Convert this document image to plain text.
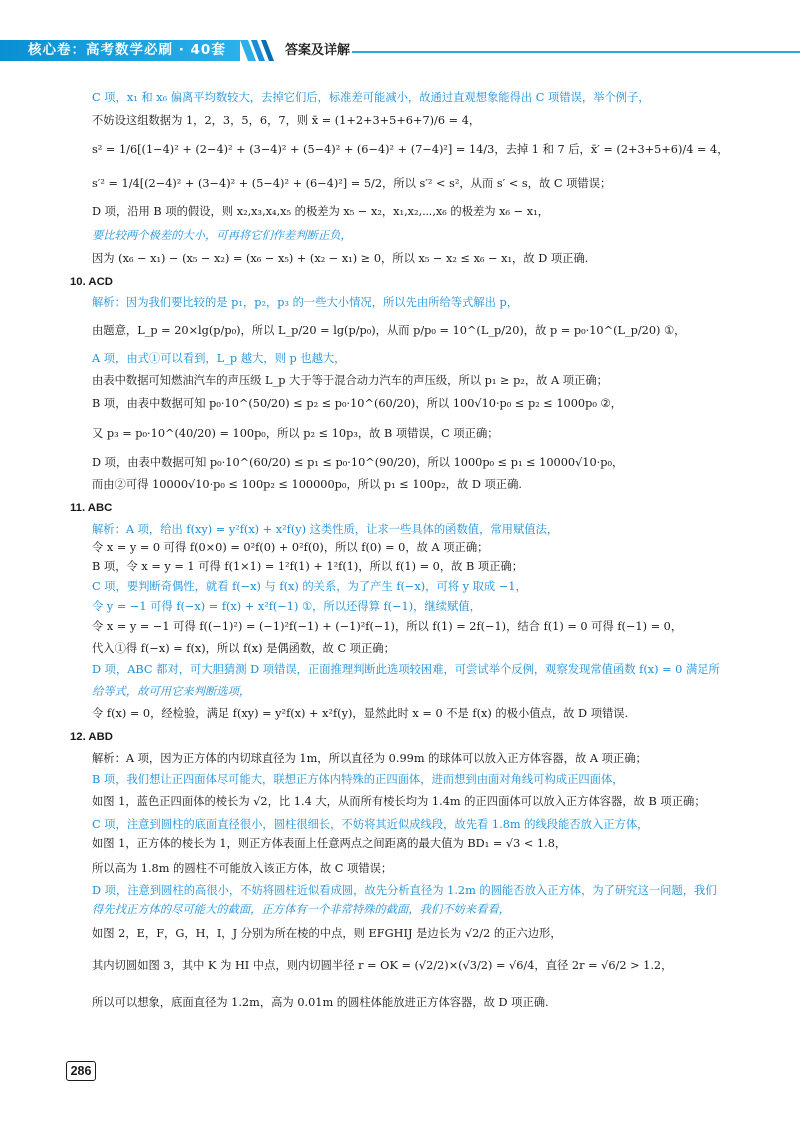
核心卷：高考数学必刷 · 40套	答案及详解
C 项，x₁ 和 x₆ 偏离平均数较大，去掉它们后，标准差可能减小，故通过直观想象能得出 C 项错误，举个例子，
不妨设这组数据为 1，2，3，5，6，7，则 x̄ = (1+2+3+5+6+7)/6 = 4，
s² = 1/6[(1−4)² + (2−4)² + (3−4)² + (5−4)² + (6−4)² + (7−4)²] = 14/3，去掉 1 和 7 后，x̄′ = (2+3+5+6)/4 = 4，
s′² = 1/4[(2−4)² + (3−4)² + (5−4)² + (6−4)²] = 5/2，所以 s′² < s²，从而 s′ < s，故 C 项错误；
D 项，沿用 B 项的假设，则 x₂,x₃,x₄,x₅ 的极差为 x₅ − x₂，x₁,x₂,⋯,x₆ 的极差为 x₆ − x₁，
要比较两个极差的大小，可再将它们作差判断正负，
因为 (x₆ − x₁) − (x₅ − x₂) = (x₆ − x₅) + (x₂ − x₁) ≥ 0，所以 x₅ − x₂ ≤ x₆ − x₁，故 D 项正确.
10. ACD
解析：因为我们要比较的是 p₁，p₂，p₃ 的一些大小情况，所以先由所给等式解出 p，
由题意，L_p = 20×lg(p/p₀)，所以 L_p/20 = lg(p/p₀)，从而 p/p₀ = 10^(L_p/20)，故 p = p₀·10^(L_p/20) ①，
A 项，由式①可以看到，L_p 越大，则 p 也越大，
由表中数据可知燃油汽车的声压级 L_p 大于等于混合动力汽车的声压级，所以 p₁ ≥ p₂，故 A 项正确；
B 项，由表中数据可知 p₀·10^(50/20) ≤ p₂ ≤ p₀·10^(60/20)，所以 100√10·p₀ ≤ p₂ ≤ 1000p₀ ②，
又 p₃ = p₀·10^(40/20) = 100p₀，所以 p₂ ≤ 10p₃，故 B 项错误，C 项正确；
D 项，由表中数据可知 p₀·10^(60/20) ≤ p₁ ≤ p₀·10^(90/20)，所以 1000p₀ ≤ p₁ ≤ 10000√10·p₀，
而由②可得 10000√10·p₀ ≤ 100p₂ ≤ 100000p₀，所以 p₁ ≤ 100p₂，故 D 项正确.
11. ABC
解析：A 项，给出 f(xy) = y²f(x) + x²f(y) 这类性质，让求一些具体的函数值，常用赋值法，
令 x = y = 0 可得 f(0×0) = 0²f(0) + 0²f(0)，所以 f(0) = 0，故 A 项正确；
B 项，令 x = y = 1 可得 f(1×1) = 1²f(1) + 1²f(1)，所以 f(1) = 0，故 B 项正确；
C 项，要判断奇偶性，就看 f(−x) 与 f(x) 的关系，为了产生 f(−x)，可将 y 取成 −1，
令 y = −1 可得 f(−x) = f(x) + x²f(−1) ①，所以还得算 f(−1)，继续赋值，
令 x = y = −1 可得 f((−1)²) = (−1)²f(−1) + (−1)²f(−1)，所以 f(1) = 2f(−1)，结合 f(1) = 0 可得 f(−1) = 0，
代入①得 f(−x) = f(x)，所以 f(x) 是偶函数，故 C 项正确；
D 项，ABC 都对，可大胆猜测 D 项错误，正面推理判断此选项较困难，可尝试举个反例，观察发现常值函数 f(x) = 0 满足所
给等式，故可用它来判断选项，
令 f(x) = 0，经检验，满足 f(xy) = y²f(x) + x²f(y)，显然此时 x = 0 不是 f(x) 的极小值点，故 D 项错误.
12. ABD
解析：A 项，因为正方体的内切球直径为 1m，所以直径为 0.99m 的球体可以放入正方体容器，故 A 项正确；
B 项，我们想让正四面体尽可能大，联想正方体内特殊的正四面体，进而想到由面对角线可构成正四面体，
如图 1，蓝色正四面体的棱长为 √2，比 1.4 大，从而所有棱长均为 1.4m 的正四面体可以放入正方体容器，故 B 项正确；
C 项，注意到圆柱的底面直径很小，圆柱很细长，不妨将其近似成线段，故先看 1.8m 的线段能否放入正方体，
如图 1，正方体的棱长为 1，则正方体表面上任意两点之间距离的最大值为 BD₁ = √3 < 1.8，
所以高为 1.8m 的圆柱不可能放入该正方体，故 C 项错误；
D 项，注意到圆柱的高很小，不妨将圆柱近似看成圆，故先分析直径为 1.2m 的圆能否放入正方体，为了研究这一问题，我们
得先找正方体的尽可能大的截面，正方体有一个非常特殊的截面，我们不妨来看看，
如图 2，E，F，G，H，I，J 分别为所在棱的中点，则 EFGHIJ 是边长为 √2/2 的正六边形，
其内切圆如图 3，其中 K 为 HI 中点，则内切圆半径 r = OK = (√2/2)×(√3/2) = √6/4，直径 2r = √6/2 > 1.2，
所以可以想象，底面直径为 1.2m，高为 0.01m 的圆柱体能放进正方体容器，故 D 项正确.
286
